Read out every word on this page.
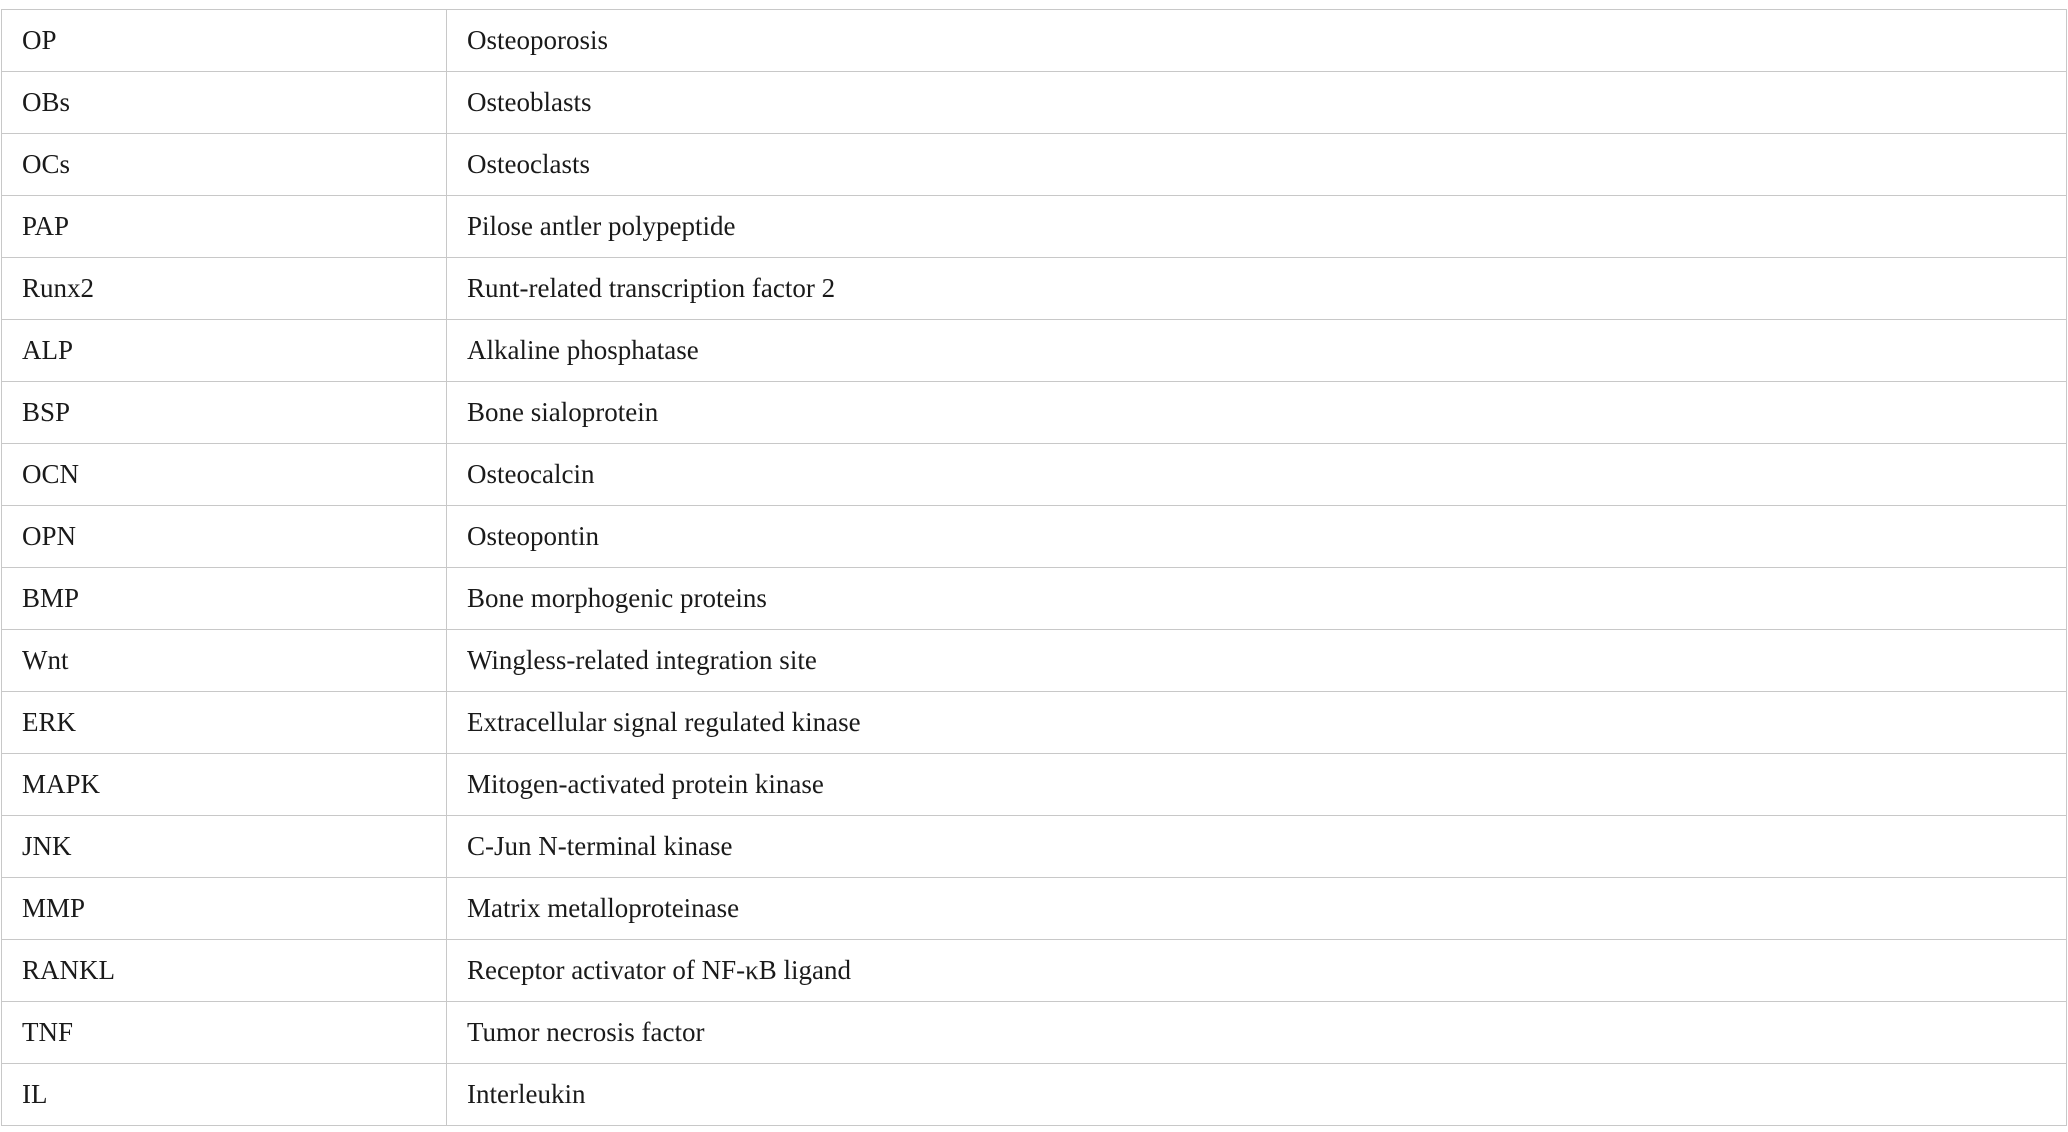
OP	Osteoporosis
OBs	Osteoblasts
OCs	Osteoclasts
PAP	Pilose antler polypeptide
Runx2	Runt-related transcription factor 2
ALP	Alkaline phosphatase
BSP	Bone sialoprotein
OCN	Osteocalcin
OPN	Osteopontin
BMP	Bone morphogenic proteins
Wnt	Wingless-related integration site
ERK	Extracellular signal regulated kinase
MAPK	Mitogen-activated protein kinase
JNK	C-Jun N-terminal kinase
MMP	Matrix metalloproteinase
RANKL	Receptor activator of NF-κB ligand
TNF	Tumor necrosis factor
IL	Interleukin
